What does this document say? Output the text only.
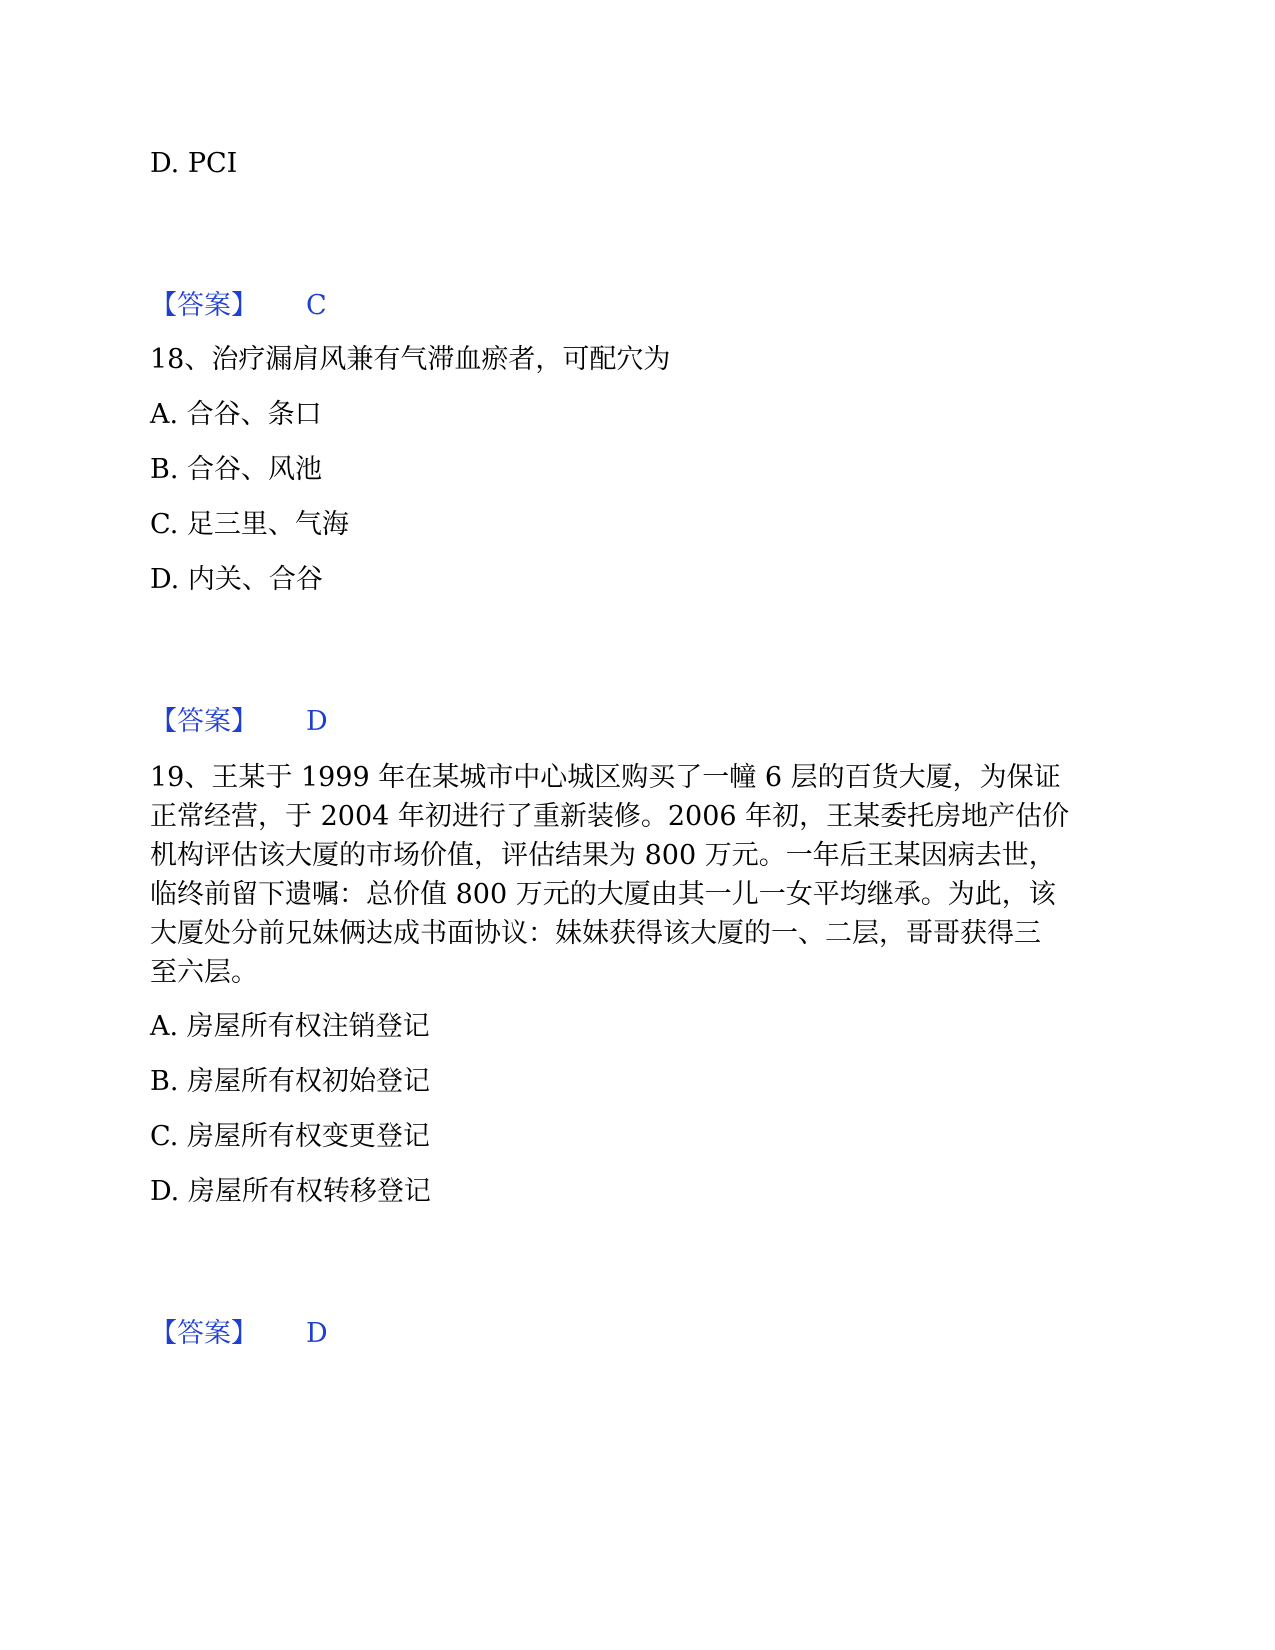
D. PCI
【答案】 C
18、治疗漏肩风兼有气滞血瘀者，可配穴为
A. 合谷、条口
B. 合谷、风池
C. 足三里、气海
D. 内关、合谷
【答案】 D
19、王某于 1999 年在某城市中心城区购买了一幢 6 层的百货大厦，为保证
正常经营，于 2004 年初进行了重新装修。2006 年初，王某委托房地产估价
机构评估该大厦的市场价值，评估结果为 800 万元。一年后王某因病去世，
临终前留下遗嘱：总价值 800 万元的大厦由其一儿一女平均继承。为此，该
大厦处分前兄妹俩达成书面协议：妹妹获得该大厦的一、二层，哥哥获得三
至六层。
A. 房屋所有权注销登记
B. 房屋所有权初始登记
C. 房屋所有权变更登记
D. 房屋所有权转移登记
【答案】 D
